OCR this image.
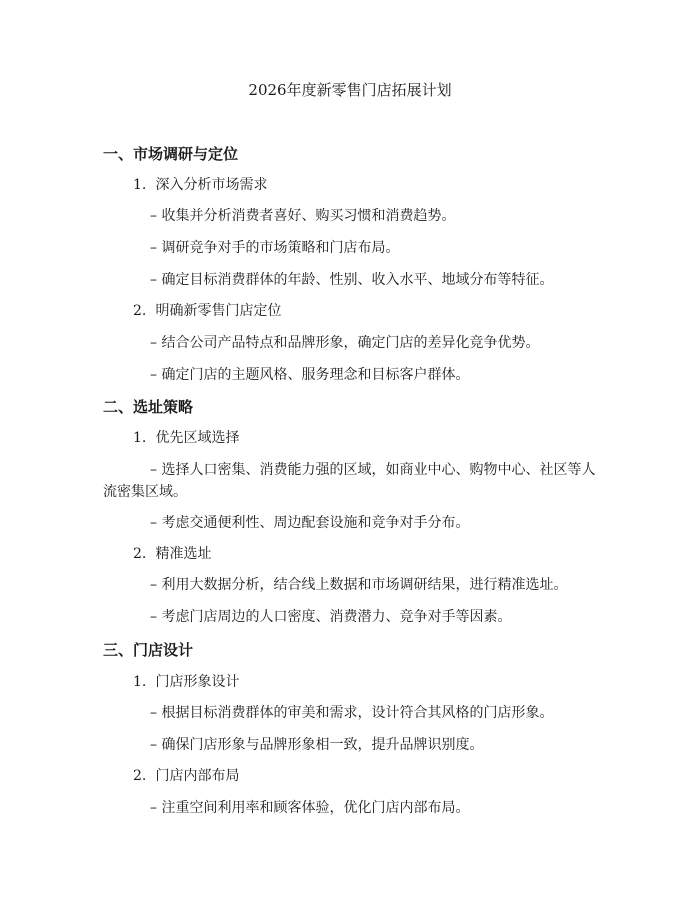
2026年度新零售门店拓展计划
一、市场调研与定位
1. 深入分析市场需求
– 收集并分析消费者喜好、购买习惯和消费趋势。
– 调研竞争对手的市场策略和门店布局。
– 确定目标消费群体的年龄、性别、收入水平、地域分布等特征。
2. 明确新零售门店定位
– 结合公司产品特点和品牌形象，确定门店的差异化竞争优势。
– 确定门店的主题风格、服务理念和目标客户群体。
二、选址策略
1. 优先区域选择
– 选择人口密集、消费能力强的区域，如商业中心、购物中心、社区等人流密集区域。
– 考虑交通便利性、周边配套设施和竞争对手分布。
2. 精准选址
– 利用大数据分析，结合线上数据和市场调研结果，进行精准选址。
– 考虑门店周边的人口密度、消费潜力、竞争对手等因素。
三、门店设计
1. 门店形象设计
– 根据目标消费群体的审美和需求，设计符合其风格的门店形象。
– 确保门店形象与品牌形象相一致，提升品牌识别度。
2. 门店内部布局
– 注重空间利用率和顾客体验，优化门店内部布局。
